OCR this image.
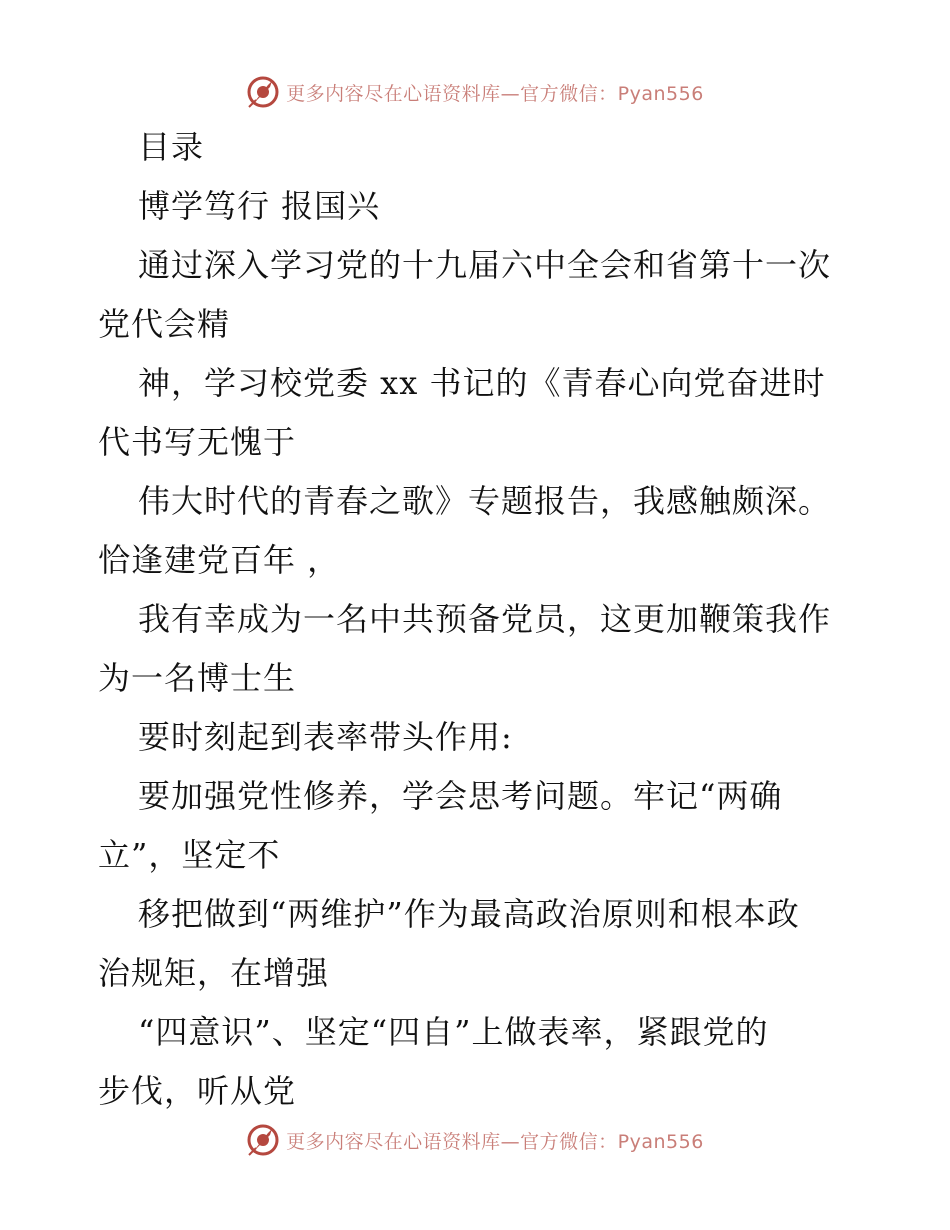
更多内容尽在心语资料库—官方微信：Pyan556
目录
博学笃行 报国兴
通过深入学习党的十九届六中全会和省第十一次
党代会精
神，学习校党委 xx 书记的《青春心向党奋进时
代书写无愧于
伟大时代的青春之歌》专题报告，我感触颇深。
恰逢建党百年 ，
我有幸成为一名中共预备党员，这更加鞭策我作
为一名博士生
要时刻起到表率带头作用:
要加强党性修养，学会思考问题。牢记“两确
立”，坚定不
移把做到“两维护”作为最高政治原则和根本政
治规矩，在增强
“四意识”、坚定“四自”上做表率，紧跟党的
步伐，听从党
更多内容尽在心语资料库—官方微信：Pyan556
